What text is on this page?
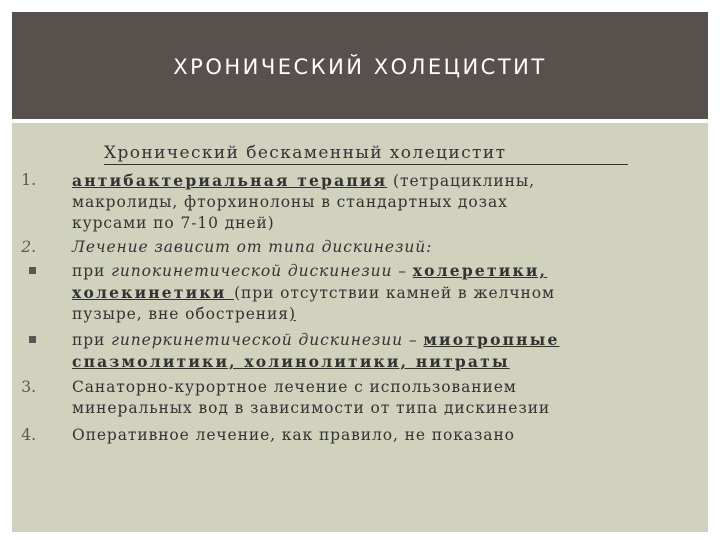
ХРОНИЧЕСКИЙ ХОЛЕЦИСТИТ
Хронический бескаменный холецистит
1. антибактериальная терапия (тетрациклины,
макролиды, фторхинолоны в стандартных дозах
курсами по 7-10 дней)
2. Лечение зависит от типа дискинезий:
при гипокинетической дискинезии – холеретики,
холекинетики (при отсутствии камней в желчном
пузыре, вне обострения)
при гиперкинетической дискинезии – миотропные
спазмолитики, холинолитики, нитраты
3. Санаторно-курортное лечение с использованием
минеральных вод в зависимости от типа дискинезии
4. Оперативное лечение, как правило, не показано
